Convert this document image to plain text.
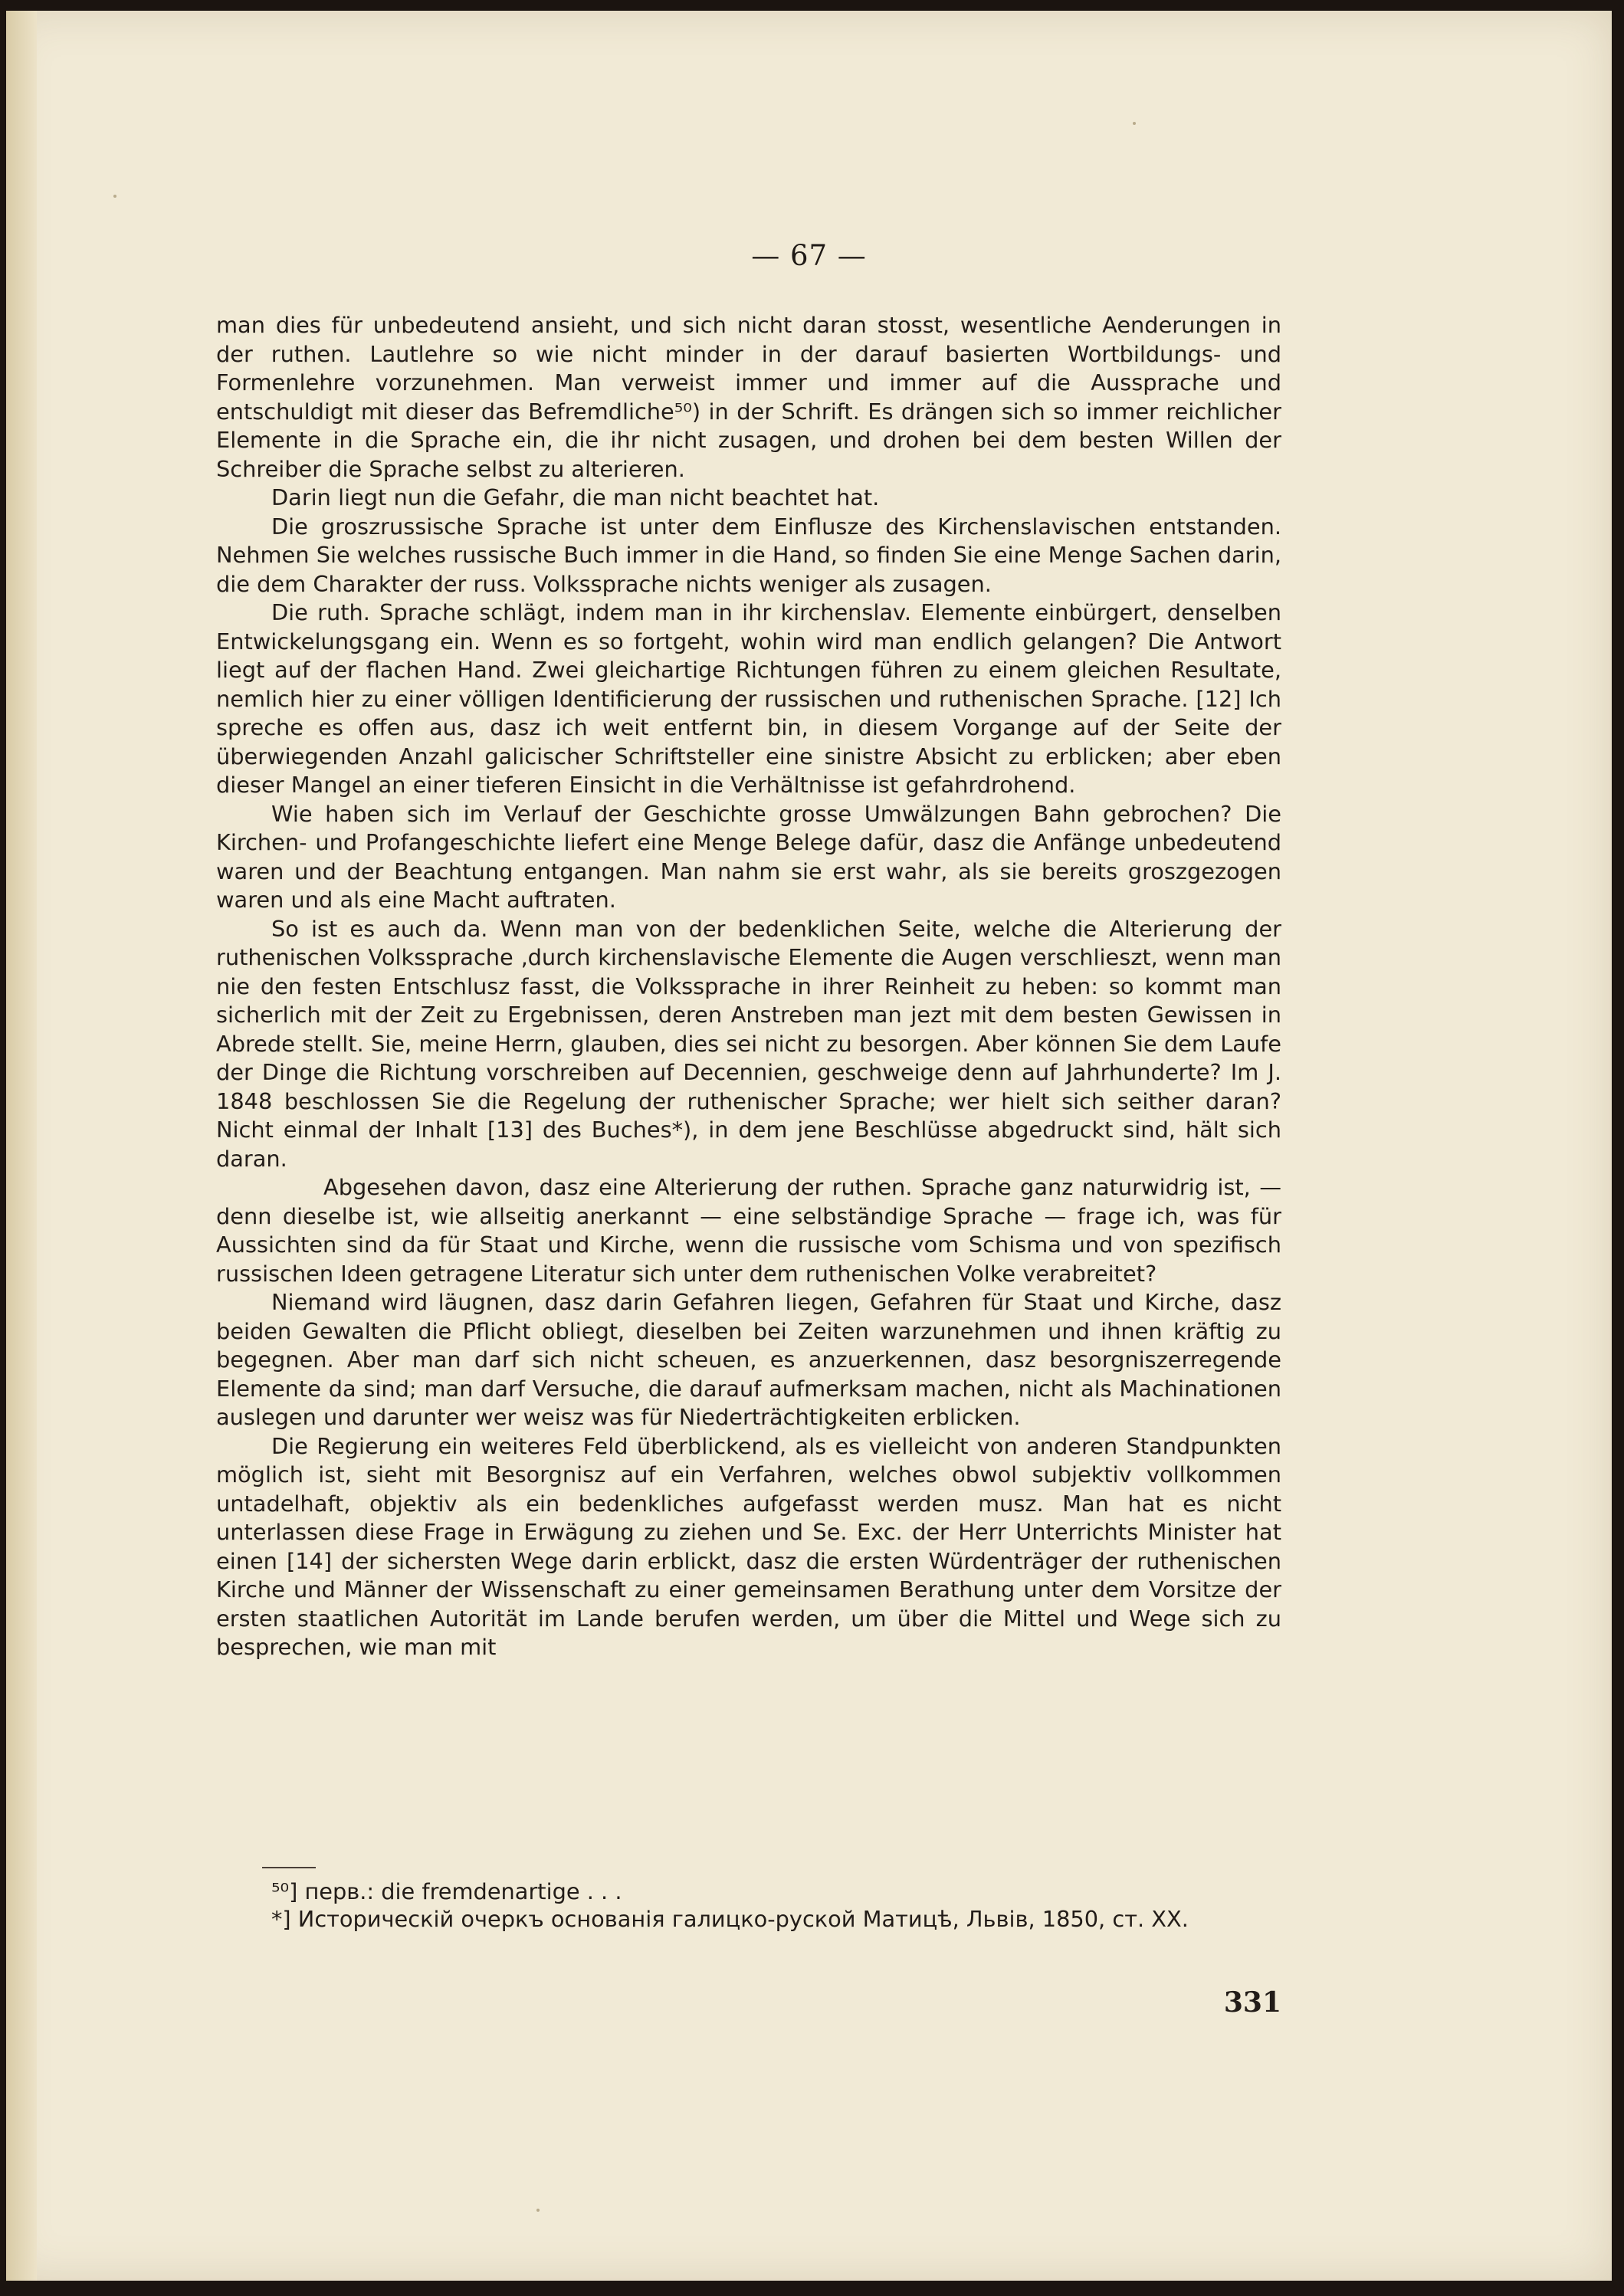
— 67 —

man dies für unbedeutend ansieht, und sich nicht daran stosst, wesentliche Aenderungen in der ruthen. Lautlehre so wie nicht minder in der darauf basierten Wortbildungs- und Formenlehre vorzunehmen. Man verweist immer und immer auf die Aussprache und entschuldigt mit dieser das Befremdliche⁵⁰) in der Schrift. Es drängen sich so immer reichlicher Elemente in die Sprache ein, die ihr nicht zusagen, und drohen bei dem besten Willen der Schreiber die Sprache selbst zu alterieren.

Darin liegt nun die Gefahr, die man nicht beachtet hat.

Die groszrussische Sprache ist unter dem Einflusze des Kirchenslavischen entstanden. Nehmen Sie welches russische Buch immer in die Hand, so finden Sie eine Menge Sachen darin, die dem Charakter der russ. Volkssprache nichts weniger als zusagen.

Die ruth. Sprache schlägt, indem man in ihr kirchenslav. Elemente einbürgert, denselben Entwickelungsgang ein. Wenn es so fortgeht, wohin wird man endlich gelangen? Die Antwort liegt auf der flachen Hand. Zwei gleichartige Richtungen führen zu einem gleichen Resultate, nemlich hier zu einer völligen Identificierung der russischen und ruthenischen Sprache. [12] Ich spreche es offen aus, dasz ich weit entfernt bin, in diesem Vorgange auf der Seite der überwiegenden Anzahl galicischer Schriftsteller eine sinistre Absicht zu erblicken; aber eben dieser Mangel an einer tieferen Einsicht in die Verhältnisse ist gefahrdrohend.

Wie haben sich im Verlauf der Geschichte grosse Umwälzungen Bahn gebrochen? Die Kirchen- und Profangeschichte liefert eine Menge Belege dafür, dasz die Anfänge unbedeutend waren und der Beachtung entgangen. Man nahm sie erst wahr, als sie bereits groszgezogen waren und als eine Macht auftraten.

So ist es auch da. Wenn man von der bedenklichen Seite, welche die Alterierung der ruthenischen Volkssprache ‚durch kirchenslavische Elemente die Augen verschlieszt, wenn man nie den festen Entschlusz fasst, die Volkssprache in ihrer Reinheit zu heben: so kommt man sicherlich mit der Zeit zu Ergebnissen, deren Anstreben man jezt mit dem besten Gewissen in Abrede stellt. Sie, meine Herrn, glauben, dies sei nicht zu besorgen. Aber können Sie dem Laufe der Dinge die Richtung vorschreiben auf Decennien, geschweige denn auf Jahrhunderte? Im J. 1848 beschlossen Sie die Regelung der ruthenischer Sprache; wer hielt sich seither daran? Nicht einmal der Inhalt [13] des Buches*), in dem jene Beschlüsse abgedruckt sind, hält sich daran.

Abgesehen davon, dasz eine Alterierung der ruthen. Sprache ganz naturwidrig ist, — denn dieselbe ist, wie allseitig anerkannt — eine selbständige Sprache — frage ich, was für Aussichten sind da für Staat und Kirche, wenn die russische vom Schisma und von spezifisch russischen Ideen getragene Literatur sich unter dem ruthenischen Volke verabreitet?

Niemand wird läugnen, dasz darin Gefahren liegen, Gefahren für Staat und Kirche, dasz beiden Gewalten die Pflicht obliegt, dieselben bei Zeiten warzunehmen und ihnen kräftig zu begegnen. Aber man darf sich nicht scheuen, es anzuerkennen, dasz besorgniszerregende Elemente da sind; man darf Versuche, die darauf aufmerksam machen, nicht als Machinationen auslegen und darunter wer weisz was für Niederträchtigkeiten erblicken.

Die Regierung ein weiteres Feld überblickend, als es vielleicht von anderen Standpunkten möglich ist, sieht mit Besorgnisz auf ein Verfahren, welches obwol subjektiv vollkommen untadelhaft, objektiv als ein bedenkliches aufgefasst werden musz. Man hat es nicht unterlassen diese Frage in Erwägung zu ziehen und Se. Exc. der Herr Unterrichts Minister hat einen [14] der sichersten Wege darin erblickt, dasz die ersten Würdenträger der ruthenischen Kirche und Männer der Wissenschaft zu einer gemeinsamen Berathung unter dem Vorsitze der ersten staatlichen Autorität im Lande berufen werden, um über die Mittel und Wege sich zu besprechen, wie man mit

⁵⁰] перв.: die fremdenartige . . .

*] Историческій очеркъ основанія галицко-руской Матицѣ, Львів, 1850, ст. XX.

331
